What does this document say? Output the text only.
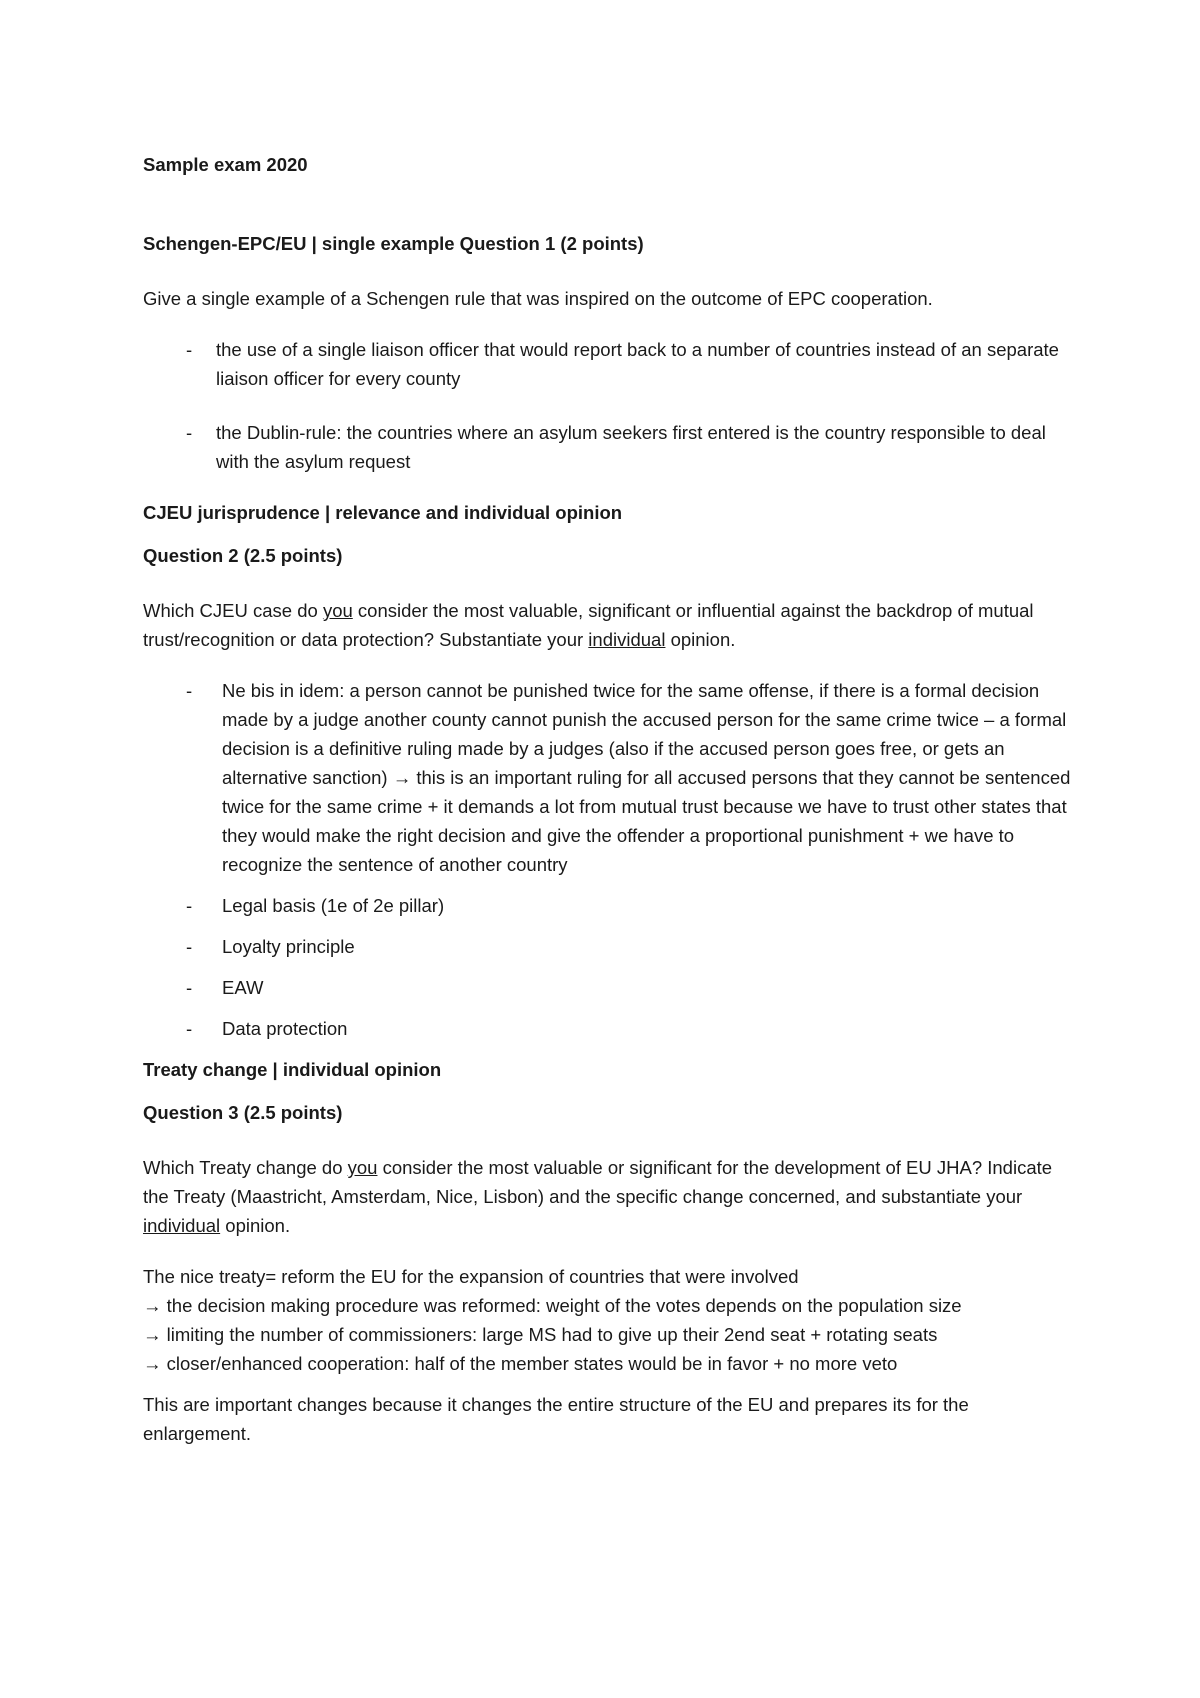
Sample exam 2020

Schengen-EPC/EU | single example Question 1 (2 points)

Give a single example of a Schengen rule that was inspired on the outcome of EPC cooperation.

- the use of a single liaison officer that would report back to a number of countries instead of an separate liaison officer for every county
- the Dublin-rule: the countries where an asylum seekers first entered is the country responsible to deal with the asylum request

CJEU jurisprudence | relevance and individual opinion

Question 2 (2.5 points)

Which CJEU case do you consider the most valuable, significant or influential against the backdrop of mutual trust/recognition or data protection? Substantiate your individual opinion.

- Ne bis in idem: a person cannot be punished twice for the same offense, if there is a formal decision made by a judge another county cannot punish the accused person for the same crime twice – a formal decision is a definitive ruling made by a judges (also if the accused person goes free, or gets an alternative sanction) → this is an important ruling for all accused persons that they cannot be sentenced twice for the same crime + it demands a lot from mutual trust because we have to trust other states that they would make the right decision and give the offender a proportional punishment + we have to recognize the sentence of another country
- Legal basis (1e of 2e pillar)
- Loyalty principle
- EAW
- Data protection

Treaty change | individual opinion

Question 3 (2.5 points)

Which Treaty change do you consider the most valuable or significant for the development of EU JHA? Indicate the Treaty (Maastricht, Amsterdam, Nice, Lisbon) and the specific change concerned, and substantiate your individual opinion.

The nice treaty= reform the EU for the expansion of countries that were involved

→ the decision making procedure was reformed: weight of the votes depends on the population size

→ limiting the number of commissioners: large MS had to give up their 2end seat + rotating seats

→ closer/enhanced cooperation: half of the member states would be in favor + no more veto

This are important changes because it changes the entire structure of the EU and prepares its for the enlargement.
